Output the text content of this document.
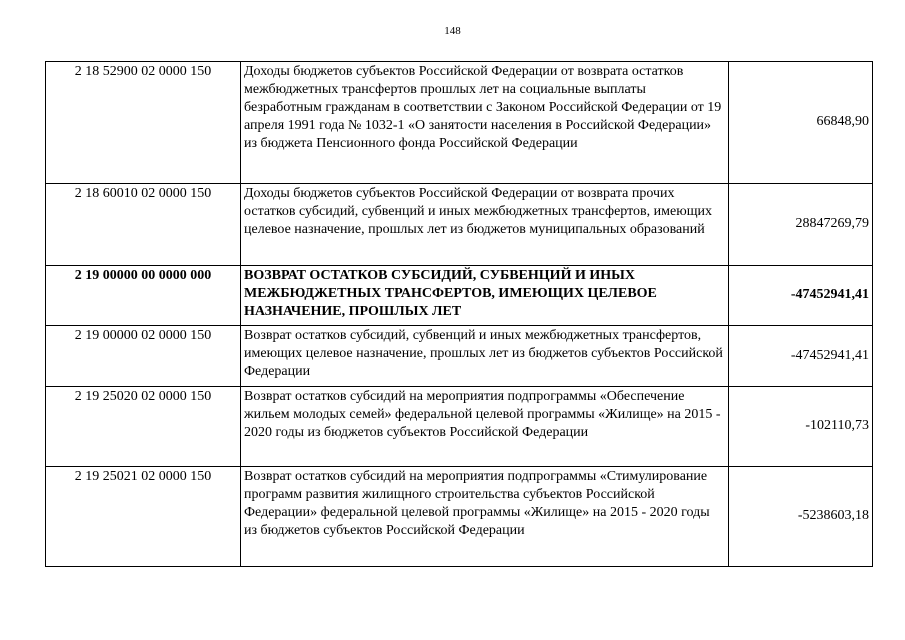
148
2 18 52900 02 0000 150	Доходы бюджетов субъектов Российской Федерации от возврата остатков межбюджетных трансфертов прошлых лет на социальные выплаты безработным гражданам в соответствии с Законом Российской Федерации от 19 апреля 1991 года № 1032-1 «О занятости населения в Российской Федерации» из бюджета Пенсионного фонда Российской Федерации	66848,90
2 18 60010 02 0000 150	Доходы бюджетов субъектов Российской Федерации от возврата прочих остатков субсидий, субвенций и иных межбюджетных трансфертов, имеющих целевое назначение, прошлых лет из бюджетов муниципальных образований	28847269,79
2 19 00000 00 0000 000	ВОЗВРАТ ОСТАТКОВ СУБСИДИЙ, СУБВЕНЦИЙ И ИНЫХ МЕЖБЮДЖЕТНЫХ ТРАНСФЕРТОВ, ИМЕЮЩИХ ЦЕЛЕВОЕ НАЗНАЧЕНИЕ, ПРОШЛЫХ ЛЕТ	-47452941,41
2 19 00000 02 0000 150	Возврат остатков субсидий, субвенций и иных межбюджетных трансфертов, имеющих целевое назначение, прошлых лет из бюджетов субъектов Российской Федерации	-47452941,41
2 19 25020 02 0000 150	Возврат остатков субсидий на мероприятия подпрограммы «Обеспечение жильем молодых семей» федеральной целевой программы «Жилище» на 2015 - 2020 годы из бюджетов субъектов Российской Федерации	-102110,73
2 19 25021 02 0000 150	Возврат остатков субсидий на мероприятия подпрограммы «Стимулирование программ развития жилищного строительства субъектов Российской Федерации» федеральной целевой программы «Жилище» на 2015 - 2020 годы из бюджетов субъектов Российской Федерации	-5238603,18
